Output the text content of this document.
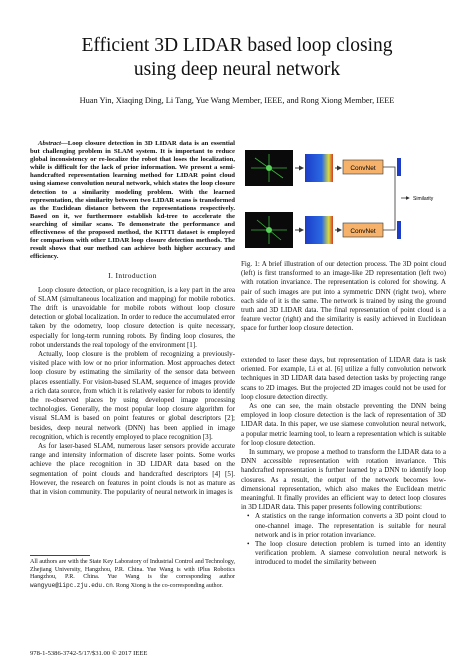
Efficient 3D LIDAR based loop closing
using deep neural network
Huan Yin, Xiaqing Ding, Li Tang, Yue Wang Member, IEEE, and Rong Xiong Member, IEEE

Abstract—Loop closure detection in 3D LIDAR data is an essential but challenging problem in SLAM system. It is important to reduce global inconsistency or re-localize the robot that loses the localization, while is difficult for the lack of prior information. We present a semi-handcrafted representation learning method for LIDAR point cloud using siamese convolution neural network, which states the loop closure detection to a similarity modeling problem. With the learned representation, the similarity between two LIDAR scans is transformed as the Euclidean distance between the representations respectively. Based on it, we furthermore establish kd-tree to accelerate the searching of similar scans. To demonstrate the performance and effectiveness of the proposed method, the KITTI dataset is employed for comparison with other LIDAR loop closure detection methods. The result shows that our method can achieve both higher accuracy and efficiency.

I. Introduction

Loop closure detection, or place recognition, is a key part in the area of SLAM (simultaneous localization and mapping) for mobile robotics. The drift is unavoidable for mobile robots without loop closure detection or global localization. In order to reduce the accumulated error taken by the odometry, loop closure detection is quite necessary, especially for long-term running robots. By finding loop closures, the robot understands the real topology of the environment [1].

Actually, loop closure is the problem of recognizing a previously-visited place with low or no prior information. Most approaches detect loop closure by estimating the similarity of the sensor data between places essentially. For vision-based SLAM, sequence of images provide a rich data source, from which it is relatively easier for robots to identify the re-observed places by using developed image processing technologies. Generally, the most popular loop closure algorithm for visual SLAM is based on point features or global descriptors [2]; besides, deep neural network (DNN) has been applied in image recognition, which is recently employed to place recognition [3].

As for laser-based SLAM, numerous laser sensors provide accurate range and intensity information of discrete laser points. Some works achieve the place recognition in 3D LIDAR data based on the segmentation of point clouds and handcrafted descriptors [4] [5]. However, the research on features in point clouds is not as mature as that in vision community. The popularity of neural network in images is

All authors are with the State Key Laboratory of Industrial Control and Technology, Zhejiang University, Hangzhou, P.R. China. Yue Wang is with iPlus Robotics Hangzhou, P.R. China. Yue Wang is the corresponding author wangyue@iipc.zju.edu.cn. Rong Xiong is the co-corresponding author.
978-1-5386-3742-5/17/$31.00 © 2017 IEEE
ConvNet
ConvNet
Similarity
Fig. 1: A brief illustration of our detection process. The 3D point cloud (left) is first transformed to an image-like 2D representation (left two) with rotation invariance. The representation is colored for showing. A pair of such images are put into a symmetric DNN (right two), where each side of it is the same. The network is trained by using the ground truth and 3D LIDAR data. The final representation of point cloud is a feature vector (right) and the similarity is easily achieved in Euclidean space for further loop closure detection.

extended to laser these days, but representation of LIDAR data is task oriented. For example, Li et al. [6] utilize a fully convolution network techniques in 3D LIDAR data based detection tasks by projecting range scans to 2D images. But the projected 2D images could not be used for loop closure detection directly.

As one can see, the main obstacle preventing the DNN being employed in loop closure detection is the lack of representation of 3D LIDAR data. In this paper, we use siamese convolution neural network, a popular metric learning tool, to learn a representation which is suitable for loop closure detection.

In summary, we propose a method to transform the LIDAR data to a DNN accessible representation with rotation invariance. This handcrafted representation is further learned by a DNN to identify loop closures. As a result, the output of the network becomes low-dimensional representation, which also makes the Euclidean metric meaningful. It finally provides an efficient way to detect loop closures in 3D LIDAR data. This paper presents following contributions:

• A statistics on the range information converts a 3D point cloud to one-channel image. The representation is suitable for neural network and is in prior rotation invariance.
• The loop closure detection problem is turned into an identity verification problem. A siamese convolution neural network is introduced to model the similarity between
